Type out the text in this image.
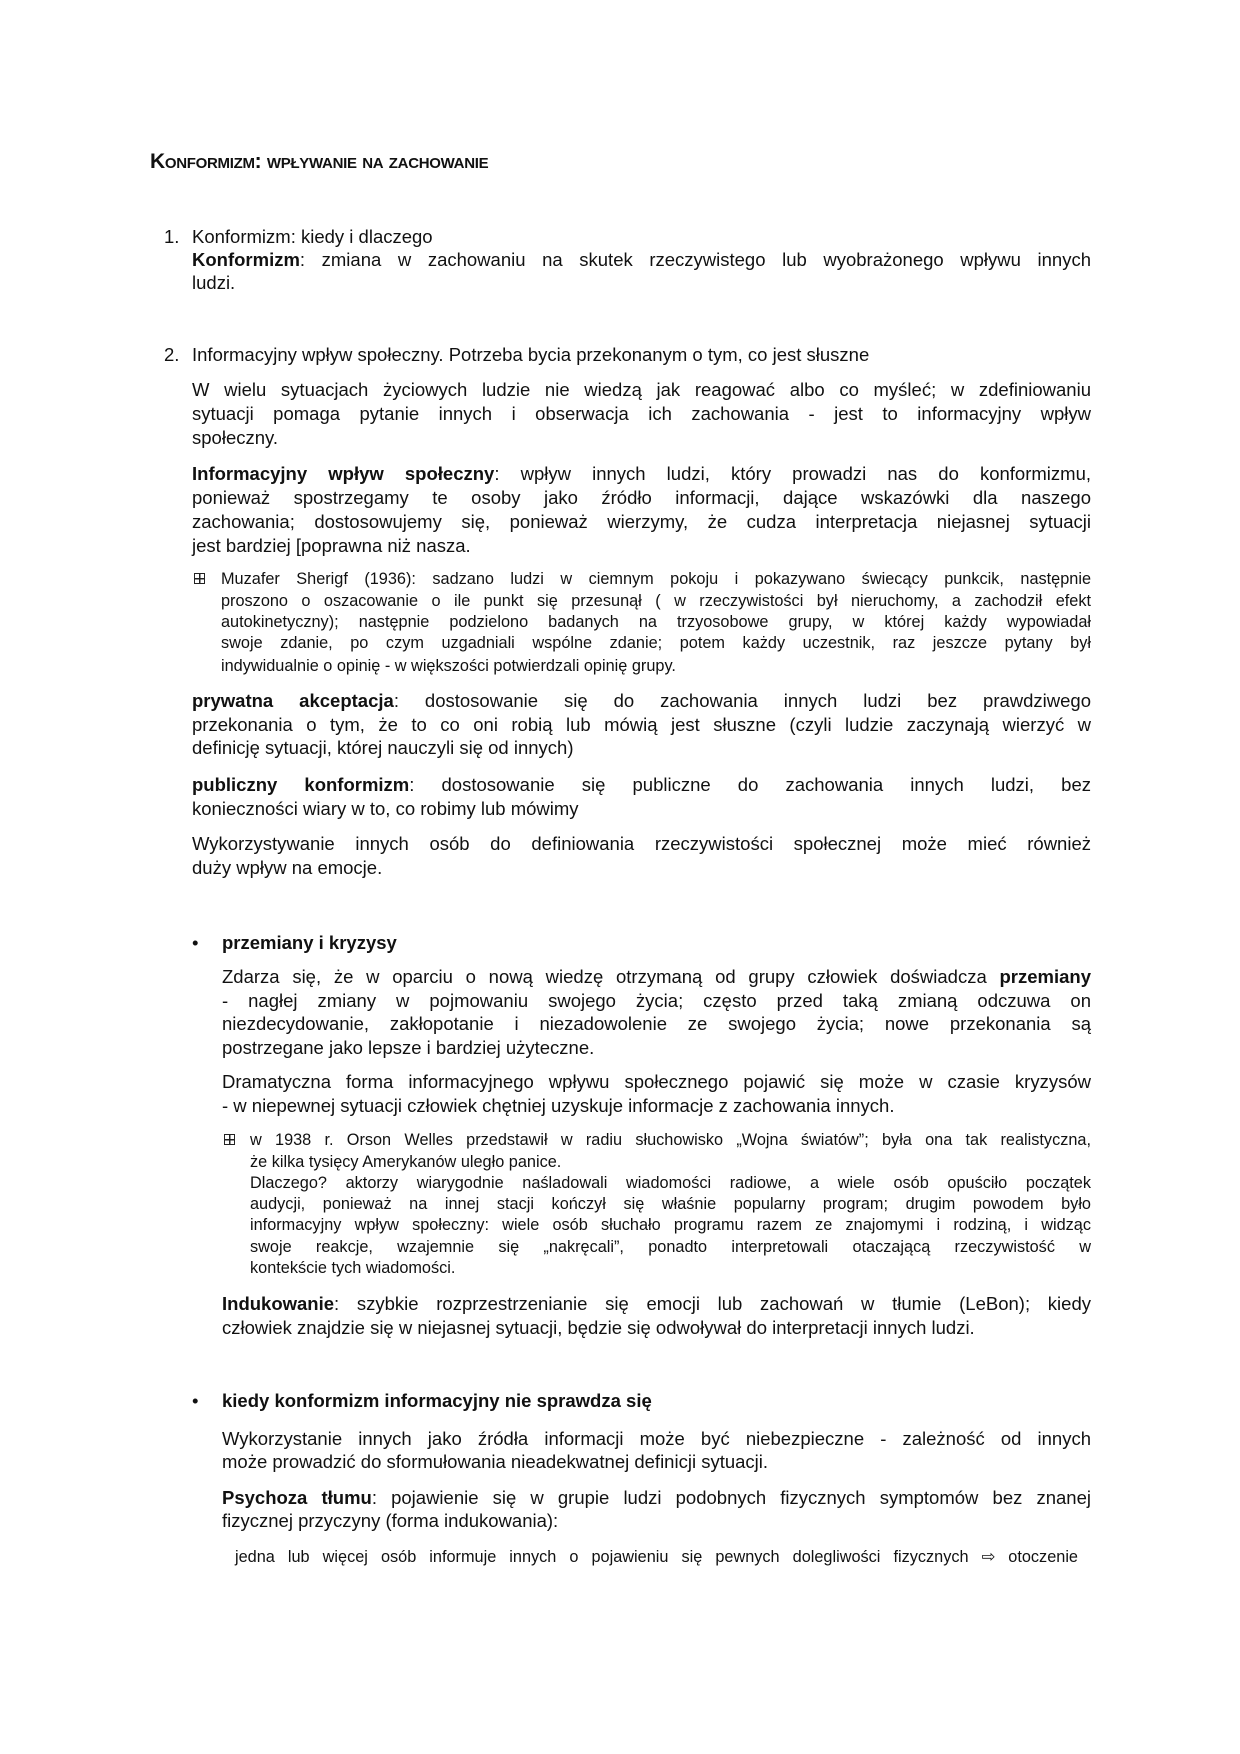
Konformizm: wpływanie na zachowanie
1.
2.
•
•
Konformizm: kiedy i dlaczego
Konformizm: zmiana w zachowaniu na skutek rzeczywistego lub wyobrażonego wpływu innych
ludzi.
Informacyjny wpływ społeczny. Potrzeba bycia przekonanym o tym, co jest słuszne
W wielu sytuacjach życiowych ludzie nie wiedzą jak reagować albo co myśleć; w zdefiniowaniu
sytuacji pomaga pytanie innych i obserwacja ich zachowania - jest to informacyjny wpływ
społeczny.
Informacyjny wpływ społeczny: wpływ innych ludzi, który prowadzi nas do konformizmu,
ponieważ spostrzegamy te osoby jako źródło informacji, dające wskazówki dla naszego
zachowania; dostosowujemy się, ponieważ wierzymy, że cudza interpretacja niejasnej sytuacji
jest bardziej [poprawna niż nasza.
Muzafer Sherigf (1936): sadzano ludzi w ciemnym pokoju i pokazywano świecący punkcik, następnie
proszono o oszacowanie o ile punkt się przesunął ( w rzeczywistości był nieruchomy, a zachodził efekt
autokinetyczny); następnie podzielono badanych na trzyosobowe grupy, w której każdy wypowiadał
swoje zdanie, po czym uzgadniali wspólne zdanie; potem każdy uczestnik, raz jeszcze pytany był
indywidualnie o opinię - w większości potwierdzali opinię grupy.
prywatna akceptacja: dostosowanie się do zachowania innych ludzi bez prawdziwego
przekonania o tym, że to co oni robią lub mówią jest słuszne (czyli ludzie zaczynają wierzyć w
definicję sytuacji, której nauczyli się od innych)
publiczny konformizm: dostosowanie się publiczne do zachowania innych ludzi, bez
konieczności wiary w to, co robimy lub mówimy
Wykorzystywanie innych osób do definiowania rzeczywistości społecznej może mieć również
duży wpływ na emocje.
przemiany i kryzysy
Zdarza się, że w oparciu o nową wiedzę otrzymaną od grupy człowiek doświadcza przemiany
- nagłej zmiany w pojmowaniu swojego życia; często przed taką zmianą odczuwa on
niezdecydowanie, zakłopotanie i niezadowolenie ze swojego życia; nowe przekonania są
postrzegane jako lepsze i bardziej użyteczne.
Dramatyczna forma informacyjnego wpływu społecznego pojawić się może w czasie kryzysów
- w niepewnej sytuacji człowiek chętniej uzyskuje informacje z zachowania innych.
w 1938 r. Orson Welles przedstawił w radiu słuchowisko „Wojna światów”; była ona tak realistyczna,
że kilka tysięcy Amerykanów uległo panice.
Dlaczego? aktorzy wiarygodnie naśladowali wiadomości radiowe, a wiele osób opuściło początek
audycji, ponieważ na innej stacji kończył się właśnie popularny program; drugim powodem było
informacyjny wpływ społeczny: wiele osób słuchało programu razem ze znajomymi i rodziną, i widząc
swoje reakcje, wzajemnie się „nakręcali”, ponadto interpretowali otaczającą rzeczywistość w
kontekście tych wiadomości.
Indukowanie: szybkie rozprzestrzenianie się emocji lub zachowań w tłumie (LeBon); kiedy
człowiek znajdzie się w niejasnej sytuacji, będzie się odwoływał do interpretacji innych ludzi.
kiedy konformizm informacyjny nie sprawdza się
Wykorzystanie innych jako źródła informacji może być niebezpieczne - zależność od innych
może prowadzić do sformułowania nieadekwatnej definicji sytuacji.
Psychoza tłumu: pojawienie się w grupie ludzi podobnych fizycznych symptomów bez znanej
fizycznej przyczyny (forma indukowania):
jedna lub więcej osób informuje innych o pojawieniu się pewnych dolegliwości fizycznych ⇨ otoczenie
